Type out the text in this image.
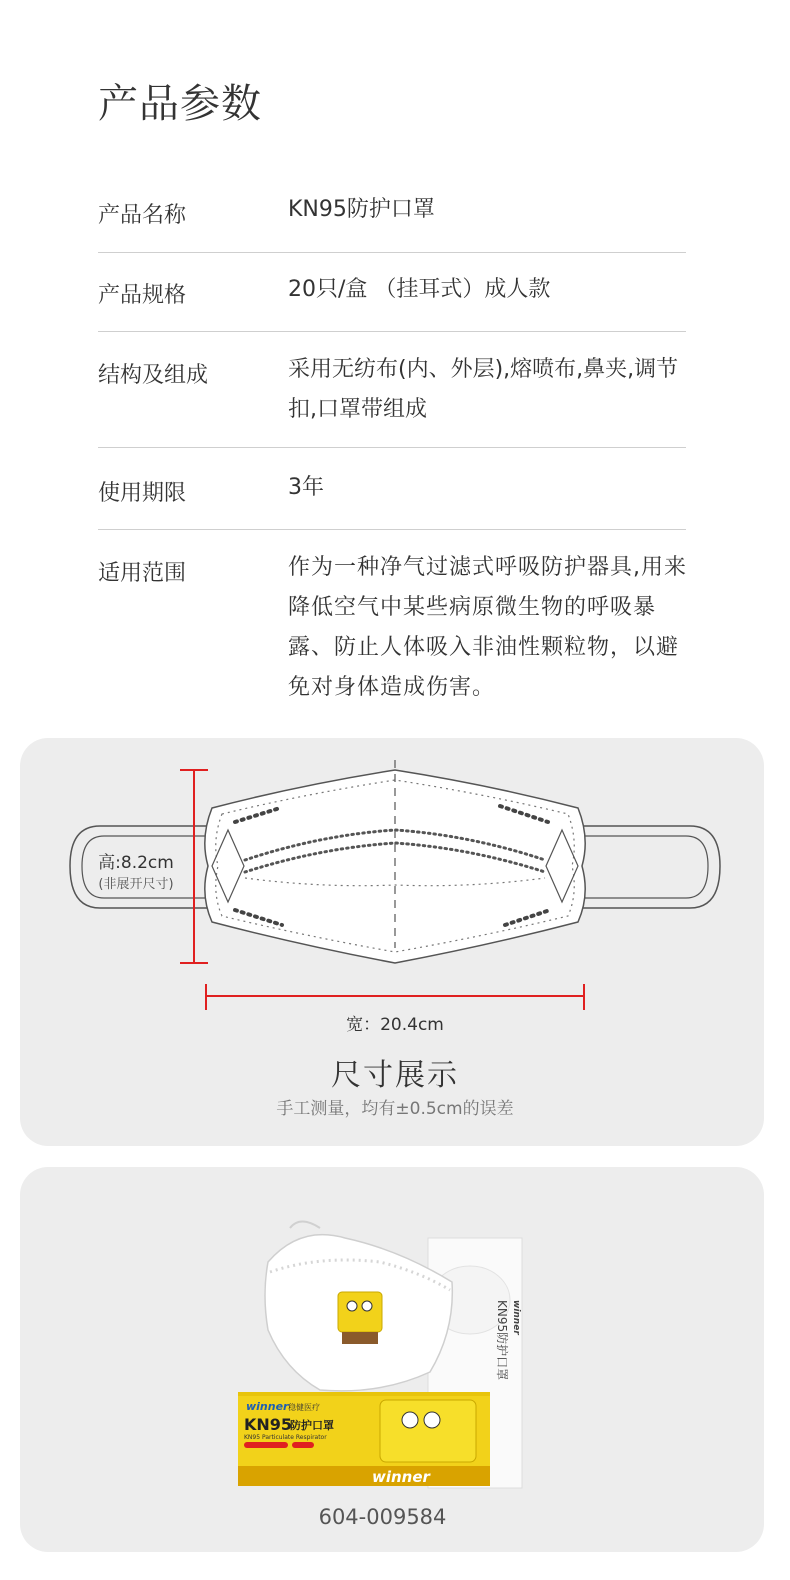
产品参数
产品名称	KN95防护口罩
产品规格	20只/盒 （挂耳式）成人款
结构及组成	采用无纺布(内、外层),熔喷布,鼻夹,调节扣,口罩带组成
使用期限	3年
适用范围	作为一种净气过滤式呼吸防护器具,用来降低空气中某些病原微生物的呼吸暴露、防止人体吸入非油性颗粒物，以避免对身体造成伤害。
高:8.2cm
(非展开尺寸)
宽：20.4cm
尺寸展示
手工测量，均有±0.5cm的误差
winner 稳健医疗
KN95
防护口罩
KN95 Particulate Respirator
winner
KN95防护口罩 winner
604-009584
